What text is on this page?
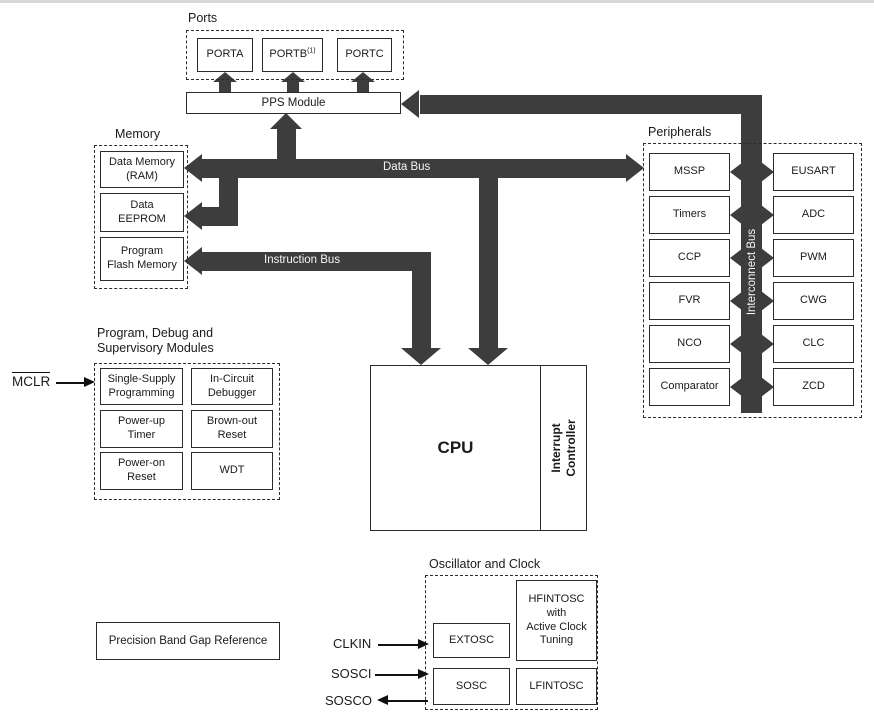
Data Bus
Instruction Bus	Interconnect Bus
Ports
PORTA PORTB$^{(1)}$	PORTC
PPS Module
Memory
Data Memory
(RAM)
Data
EEPROM
Program
Flash Memory
Peripherals
MSSP
Timers
CCP
FVR
NCO
Comparator
EUSART
ADC
PWM
CWG
CLC
ZCD
Program, Debug and
Supervisory Modules
Single-Supply
Programming
In-Circuit
Debugger
Power-up
Timer
Brown-out
Reset
Power-on
Reset
WDT
MCLR
CPU	Interrupt
Controller

Precision Band Gap Reference
Oscillator and Clock
EXTOSC
HFINTOSC
with
Active Clock
Tuning
SOSC	LFINTOSC
CLKIN
SOSCI
SOSCO
